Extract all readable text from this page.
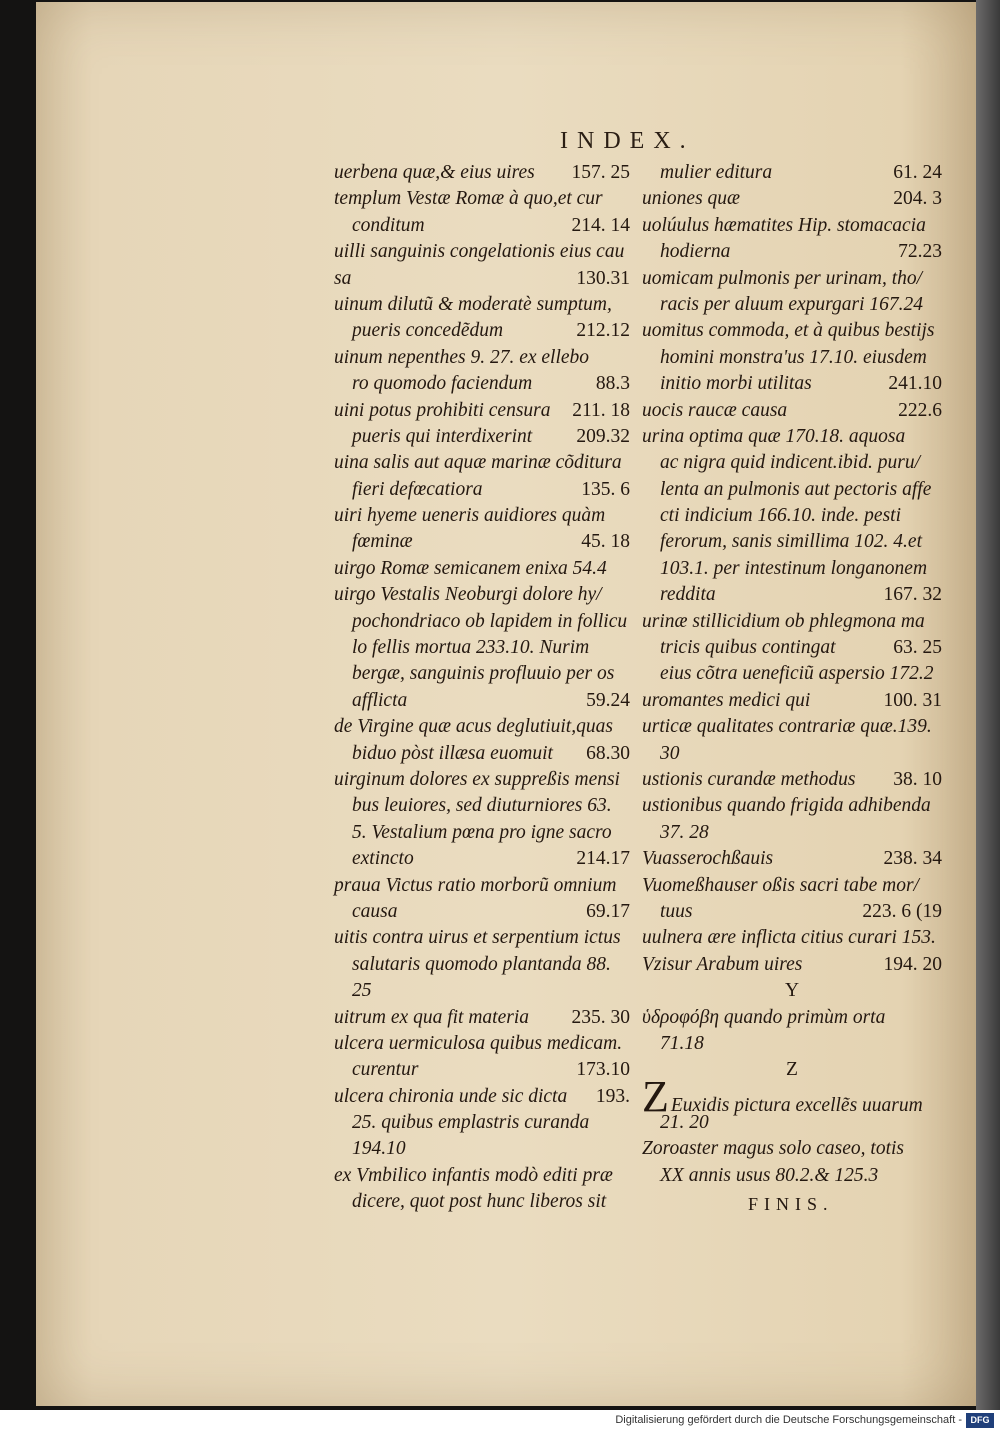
INDEX.
uerbena quæ,& eius uires 157. 25
templum Vestæ Romæ à quo,et cur
conditum	214. 14
uilli sanguinis congelationis eius cau
sa	130.31
uinum dilutũ & moderatè sumptum,
pueris concedẽdum	212.12
uinum nepenthes 9. 27. ex ellebo
ro quomodo faciendum	88.3
uini potus prohibiti censura 211. 18
pueris qui interdixerint 209.32
uina salis aut aquæ marinæ cõditura
fieri defœcatiora	135. 6
uiri hyeme ueneris auidiores quàm
fœminæ	45. 18
uirgo Romæ semicanem enixa 54.4
uirgo Vestalis Neoburgi dolore hy/
pochondriaco ob lapidem in follicu
lo fellis mortua 233.10. Nurim
bergæ, sanguinis profluuio per os
afflicta	59.24
de Virgine quæ acus deglutiuit,quas
biduo pòst illæsa euomuit 68.30
uirginum dolores ex suppreßis mensi
bus leuiores, sed diuturniores 63.
5. Vestalium pœna pro igne sacro
extincto	214.17
praua Victus ratio morborũ omnium
causa	69.17
uitis contra uirus et serpentium ictus
salutaris quomodo plantanda 88.
25
uitrum ex qua fit materia 235. 30
ulcera uermiculosa quibus medicam.
curentur	173.10
ulcera chironia unde sic dicta 193.
25. quibus emplastris curanda
194.10
ex Vmbilico infantis modò editi præ
dicere, quot post hunc liberos sit
mulier editura	61. 24
uniones quæ	204. 3
uolúulus hæmatites Hip. stomacacia
hodierna	72.23
uomicam pulmonis per urinam, tho/
racis per aluum expurgari 167.24
uomitus commoda, et à quibus bestijs
homini monstra'us 17.10. eiusdem
initio morbi utilitas	241.10
uocis raucæ causa	222.6
urina optima quæ 170.18. aquosa
ac nigra quid indicent.ibid. puru/
lenta an pulmonis aut pectoris affe
cti indicium 166.10. inde. pesti
ferorum, sanis simillima 102. 4.et
103.1. per intestinum longanonem
reddita	167. 32
urinæ stillicidium ob phlegmona ma
tricis quibus contingat	63. 25
eius cõtra ueneficiũ aspersio 172.2
uromantes medici qui	100. 31
urticæ qualitates contrariæ quæ.139.
30
ustionis curandæ methodus 38. 10
ustionibus quando frigida adhibenda
37. 28
Vuasserochßauis	238. 34
Vuomeßhauser oßis sacri tabe mor/
tuus	223. 6 (19
uulnera ære inflicta citius curari 153.
Vzisur Arabum uires	194. 20
Y
ὑδροφόβη quando primùm orta
71.18
Z
Z Euxidis pictura excellẽs uuarum
21. 20
Zoroaster magus solo caseo, totis
XX annis usus 80.2.& 125.3
FINIS.
Digitalisierung gefördert durch die Deutsche Forschungsgemeinschaft - DFG
